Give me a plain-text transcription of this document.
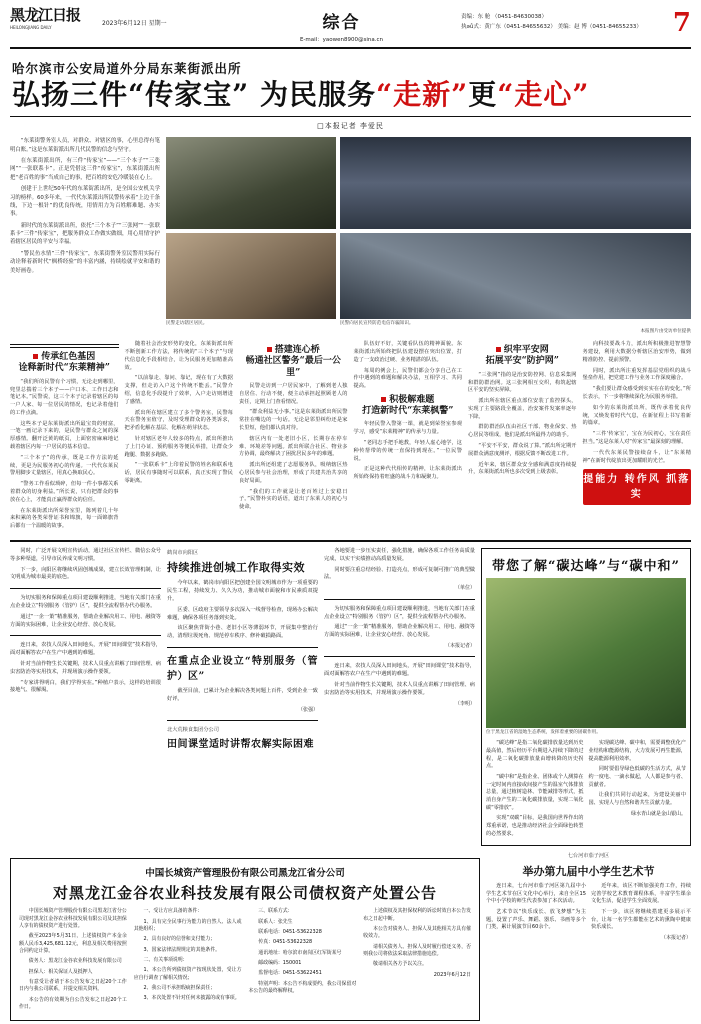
黑龙江日报
HEILONGJIANG DAILY
2023年6月12日 星期一	综合
E-mail：yaowen8900@sina.cn
责编：东 舱 （0451-84630038）
执әǚ式：黄广东（0451-84655632） 美编：赵 博（0451-84655233）	7
哈尔滨市公安局道外分局东莱街派出所
弘扬三件“传家宝” 为民服务“走新”更“走心”
□本报记者 李爱民

“东莱街警务室人员，对群众、对辖区的事，心里总得有笔明白账。”这是东莱街派出所几代民警的信念与坚守。

在东莱街派出所，有三件“传家宝”——“三个本子”“三张网”“一张联系卡”。正是凭借这三件“传家宝”，东莱街派出所把“老百姓的事”当成自己的事，把百姓的安危冷暖装在心上。

创建于上世纪50年代的东莱街派出所，是全国公安机关学习的榜样。60多年来，一代代东莱派出所民警传承着“上边千条线，下边一根针”的优良传统，用情用力为百姓解难题、办实事。

新时代的东莱街派出所，依托“三个本子”“三张网”“一张联系卡”三件“传家宝”，把服务群众工作做实做细，用心用情守护着辖区居民的平安与幸福。

“警民鱼水情”三件“传家宝”，东莱街警务室民警用实际行动诠释着新时代“枫桥经验”的丰富内涵，持续绘就平安和谐的美好画卷。

民警走访辖区居民。	民警向居民宣传防范电信诈骗知识。
本报图片由受访单位提供
传承红色基因
诠释新时代“东莱精神”

“我们所的民警有个习惯，无论走到哪里，兜里总揣着三个本子——户口本、工作日志和笔记本。”民警说，这三个本子记录着辖区的每一户人家、每一位居民的情况，也记录着他们的工作点滴。

这些本子是东莱街派出所最宝贵的财富，一笔一画记录下来的，是民警与群众之间的深厚感情。翻开泛黄的纸页，上面密密麻麻地记载着辖区内每一户居民的基本信息。

“三个本子”的传承，既是工作方法的延续，更是为民服务初心的传递。一代代东莱民警用脚步丈量辖区，用真心换取民心。

“警务工作看似琐碎，但每一件小事都关系着群众的切身利益。”所长说，只有把群众的事放在心上，才能真正赢得群众的信任。

在东莱街派出所荣誉室里，陈列着几十年来积累的各类荣誉证书和锦旗，每一面锦旗背后都有一个温暖的故事。

随着社会治安形势的变化，东莱街派出所不断创新工作方法，将传统的“三个本子”与现代信息化手段相结合，让为民服务更加精准高效。

“以前靠走、靠问、靠记，现在有了大数据支撑，但走访入户这个传统不能丢。”民警介绍，信息化手段提升了效率，入户走访则增进了感情。

派出所在辖区建立了多个警务室，民警每天在警务室值守，及时受理群众的各类诉求，把矛盾化解在基层、化解在萌芽状态。

针对辖区老年人较多的特点，派出所推出了上门办证、预约服务等便民举措，让群众少跑腿、数据多跑路。

“一张联系卡”上印着民警的姓名和联系电话，居民有事随时可以联系，真正实现了警民零距离。

搭建连心桥
畅通社区警务“最后一公里”

民警走访到一户居民家中，了解到老人独自居住、行动不便，便主动承担起照顾老人的责任，定期上门查看情况。

“群众利益无小事。”这是东莱街派出所民警常挂在嘴边的一句话。无论是邻里纠纷还是家长里短，他们都认真对待。

辖区内有一处老旧小区，长期存在停车难、环境差等问题。派出所联合社区、物业多方协调，最终解决了困扰居民多年的难题。

派出所还组建了志愿服务队，吸纳辖区热心居民参与社会治理，形成了共建共治共享的良好局面。

“我们的工作就是让老百姓过上安稳日子。”民警朴实的话语，道出了东莱人的初心与使命。

队伍好不好，关键看队伍的精神面貌。东莱街派出所始终把队伍建设摆在突出位置，打造了一支政治过硬、业务精湛的队伍。

每周的例会上，民警们都会分享自己在工作中遇到的难题和解决办法，互相学习、共同提高。

积极解难题
打造新时代“东莱枫警”

年轻民警入警第一课，就是到荣誉室参观学习，感受“东莱精神”的传承与力量。

“老同志手把手地教，年轻人虚心地学，这种传帮带的传统一直保持到现在。”一位民警说。

正是这种代代相传的精神，让东莱街派出所始终保持着旺盛的战斗力和凝聚力。

织牢平安网
拓展平安“防护网”

“三张网”指的是治安防控网、信息采集网和群防群治网。这三张网相互交织，构筑起辖区平安的坚实屏障。

派出所在辖区重点部位安装了监控探头，实现了主要路段全覆盖，治安案件发案率逐年下降。

群防群治队伍由社区干部、物业保安、热心居民等组成，他们是派出所最得力的助手。

“平安不平安，群众说了算。”派出所定期开展群众满意度测评，根据反馈不断改进工作。

近年来，辖区群众安全感和满意度持续提升，东莱街派出所也多次受到上级表彰。

向科技要战斗力，派出所积极推进智慧警务建设，利用大数据分析辖区治安形势，做到精准防控、提前预警。

同时，派出所注重发挥基层党组织的战斗堡垒作用，把党建工作与业务工作深度融合。

“我们要让群众感受到实实在在的变化。”所长表示，下一步将继续深化为民服务举措。

如今的东莱街派出所，既传承着优良传统，又焕发着时代气息，在新征程上书写着新的篇章。

“三件‘传家宝’，宝在为民初心，宝在责任担当。”这是东莱人对“传家宝”最深刻的理解。

一代代东莱民警接续奋斗，让“东莱精神”在新时代绽放出更加耀眼的光芒。

提能力 转作风 抓落实

同时，广泛开展文明宣传活动，通过社区宣传栏、微信公众号等多种渠道，引导市民养成文明习惯。

下一步，向阳区将继续巩固创城成果，建立长效管理机制，让文明成为城市最美的底色。

为切实服务和保障重点项目建设顺利推进，当地有关部门在重点企业设立“特别服务（管护）区”，提供全流程帮办代办服务。

通过“一企一策”精准服务，帮助企业解决用工、用电、融资等方面的实际困难，让企业安心经营、放心发展。

连日来，农技人员深入田间地头，开展“田间课堂”技术指导，面对面解答农户在生产中遇到的难题。

针对当前作物生长关键期，技术人员重点讲解了田间管理、病虫害防治等实用技术，并现场演示操作要领。

“专家讲得明白，我们学得实在。”种植户表示，这样的培训很接地气、很解渴。

鹤岗市向阳区
持续推进创城工作取得实效

今年以来，鹤岗市向阳区把创建全国文明城市作为一项重要的民生工程，持续发力、久久为功，推动城市面貌和市民素质双提升。

区委、区政府主要领导多次深入一线督导检查，现场办公解决难题，确保各项任务落到实处。

该区聚焦背街小巷、老旧小区等薄弱环节，开展集中整治行动，清理垃圾死角、规范停车秩序、修补破损路面。

在重点企业设立“特别服务（管护）区”

截至目前，已累计为企业解决各类问题上百件，受到企业一致好评。

（张强）
北大荒粮食集团分公司
田间课堂适时讲帮农解实际困难

各地要进一步压实责任，强化措施，确保各项工作任务高质量完成，以实干实绩推动高质量发展。

同时要注重总结经验、打造亮点，形成可复制可推广的典型做法。

（单位）

为切实服务和保障重点项目建设顺利推进，当地有关部门在重点企业设立“特别服务（管护）区”，提供全流程帮办代办服务。

通过“一企一策”精准服务，帮助企业解决用工、用电、融资等方面的实际困难，让企业安心经营、放心发展。

（本报记者）

连日来，农技人员深入田间地头，开展“田间课堂”技术指导，面对面解答农户在生产中遇到的难题。

针对当前作物生长关键期，技术人员重点讲解了田间管理、病虫害防治等实用技术，并现场演示操作要领。

（李明）
带您了解“碳达峰”与“碳中和”
位于黑龙江省的湿地生态系统，发挥着重要的固碳作用。

“碳达峰”是指二氧化碳排放量达到历史最高值，然后经历平台期进入持续下降的过程，是二氧化碳排放量由增转降的历史拐点。

“碳中和”是指企业、团体或个人测算在一定时间内直接或间接产生的温室气体排放总量，通过植树造林、节能减排等形式，抵消自身产生的二氧化碳排放量，实现二氧化碳“零排放”。

实现“双碳”目标，是我国向世界作出的郑重承诺，也是推动经济社会全面绿色转型的必然要求。

实现碳达峰、碳中和，需要调整优化产业结构和能源结构，大力发展可再生能源，提高能源利用效率。

同时要倡导绿色低碳的生活方式，从节约一度电、一滴水做起，人人都是参与者、贡献者。

让我们共同行动起来，为建设美丽中国、实现人与自然和谐共生贡献力量。

绿水青山就是金山银山。
中国长城资产管理股份有限公司黑龙江省分公司
对黑龙江金谷农业科技发展有限公司债权资产处置公告

中国长城资产管理股份有限公司黑龙江省分公司现对黑龙江金谷农业科技发展有限公司及其担保人享有的债权资产进行处置。

截至2023年5月31日，上述债权资产本金余额人民币3,425,681.12元，利息及相关费用按照合同约定计算。

债务人：黑龙江金谷农业科技发展有限公司

担保人：相关保证人及抵押人

有意受让者请于本公告发布之日起20个工作日内与我公司联系，并提交相关资料。

本公告的有效期为自公告发布之日起20个工作日。

一、受让方应具备的条件：

1、具有完全民事行为能力的自然人、法人或其他组织；

2、具有良好的信誉和支付能力；

3、国家法律法规规定的其他条件。

二、有关事项说明：

1、本公告所列债权资产按现状处置，受让方应自行调查了解相关情况；

2、我公司不承担瑕疵担保责任；

3、本次处置不针对任何未披露的或有事项。

三、联系方式：

联系人：张先生

联系电话：0451-53622328

传真：0451-53622328

通讯地址：哈尔滨市南岗区红军街某号

邮政编码：150001

监督电话：0451-53622451

特别声明：本公告不构成要约，我公司保留对本公告的最终解释权。

上述债权及其担保权利的诉讼时效自本公告发布之日起中断。

本公告对债务人、担保人及其他相关方具有催收效力。

请相关债务人、担保人及时履行偿还义务，否则我公司将依法采取法律措施追偿。

敬请相关各方予以关注。

2023年6月12日
七台河市茄子河区
举办第九届中小学生艺术节

连日来，七台河市茄子河区第九届中小学生艺术节在区文化中心举行，来自全区15个中小学校的师生代表参加了本次活动。

艺术节以“快乐成长、放飞梦想”为主题，设置了声乐、舞蹈、器乐、书画等多个门类，累计展演节目60余个。

近年来，该区不断加强美育工作，持续完善学校艺术教育课程体系，丰富学生课余文化生活，促进学生全面发展。

下一步，该区将继续搭建更多展示平台，让每一名学生都能在艺术的熏陶中健康快乐成长。

（本报记者）
